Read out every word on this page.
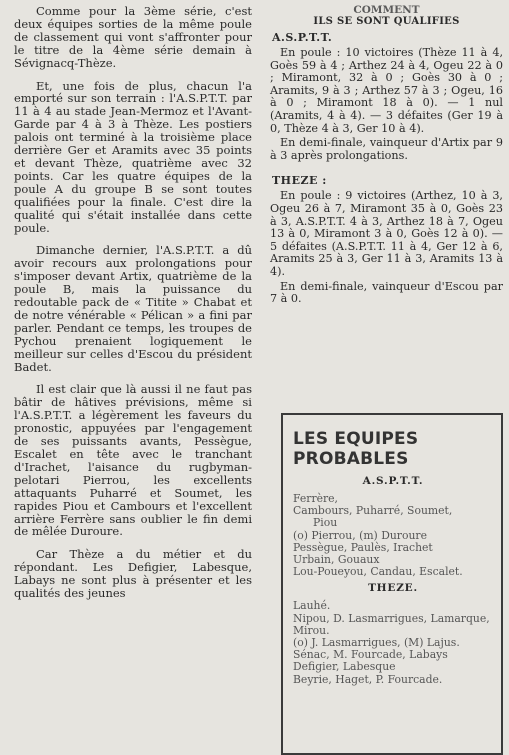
Comme pour la 3ème série, c'est deux équipes sorties de la même poule de classement qui vont s'affronter pour le titre de la 4ème série demain à Sévignacq-Thèze.

Et, une fois de plus, chacun l'a emporté sur son terrain : l'A.S.P.T.T. par 11 à 4 au stade Jean-Mermoz et l'Avant-Garde par 4 à 3 à Thèze. Les postiers palois ont terminé à la troisième place derrière Ger et Aramits avec 35 points et devant Thèze, quatrième avec 32 points. Car les quatre équipes de la poule A du groupe B se sont toutes qualifiées pour la finale. C'est dire la qualité qui s'était installée dans cette poule.

Dimanche dernier, l'A.S.P.T.T. a dû avoir recours aux prolongations pour s'imposer devant Artix, quatrième de la poule B, mais la puissance du redoutable pack de « Titite » Chabat et de notre vénérable « Pélican » a fini par parler. Pendant ce temps, les troupes de Pychou prenaient logiquement le meilleur sur celles d'Escou du président Badet.

Il est clair que là aussi il ne faut pas bâtir de hâtives prévisions, même si l'A.S.P.T.T. a légèrement les faveurs du pronostic, appuyées par l'engagement de ses puissants avants, Pessègue, Escalet en tête avec le tranchant d'Irachet, l'aisance du rugbyman-pelotari Pierrou, les excellents attaquants Puharré et Soumet, les rapides Piou et Cambours et l'excellent arrière Ferrère sans oublier le fin demi de mêlée Duroure.

Car Thèze a du métier et du répondant. Les Defigier, Labesque, Labays ne sont plus à présenter et les qualités des jeunes

COMMENT

ILS SE SONT QUALIFIES

A.S.P.T.T.

En poule : 10 victoires (Thèze 11 à 4, Goès 59 à 4 ; Arthez 24 à 4, Ogeu 22 à 0 ; Miramont, 32 à 0 ; Goès 30 à 0 ; Aramits, 9 à 3 ; Arthez 57 à 3 ; Ogeu, 16 à 0 ; Miramont 18 à 0). — 1 nul (Aramits, 4 à 4). — 3 défaites (Ger 19 à 0, Thèze 4 à 3, Ger 10 à 4).

En demi-finale, vainqueur d'Artix par 9 à 3 après prolongations.

THEZE :

En poule : 9 victoires (Arthez, 10 à 3, Ogeu 26 à 7, Miramont 35 à 0, Goès 23 à 3, A.S.P.T.T. 4 à 3, Arthez 18 à 7, Ogeu 13 à 0, Miramont 3 à 0, Goès 12 à 0). — 5 défaites (A.S.P.T.T. 11 à 4, Ger 12 à 6, Aramits 25 à 3, Ger 11 à 3, Aramits 13 à 4).

En demi-finale, vainqueur d'Escou par 7 à 0.

LES EQUIPES PROBABLES

A.S.P.T.T.

Ferrère,

Cambours, Puharré, Soumet,

Piou

(o) Pierrou, (m) Duroure

Pessègue, Paulès, Irachet

Urbain, Gouaux

Lou-Poueyou, Candau, Escalet.

THEZE.

Lauhé.

Nipou, D. Lasmarrigues, Lamarque, Mirou.

(o) J. Lasmarrigues, (M) Lajus.

Sénac, M. Fourcade, Labays

Defigier, Labesque

Beyrie, Haget, P. Fourcade.
